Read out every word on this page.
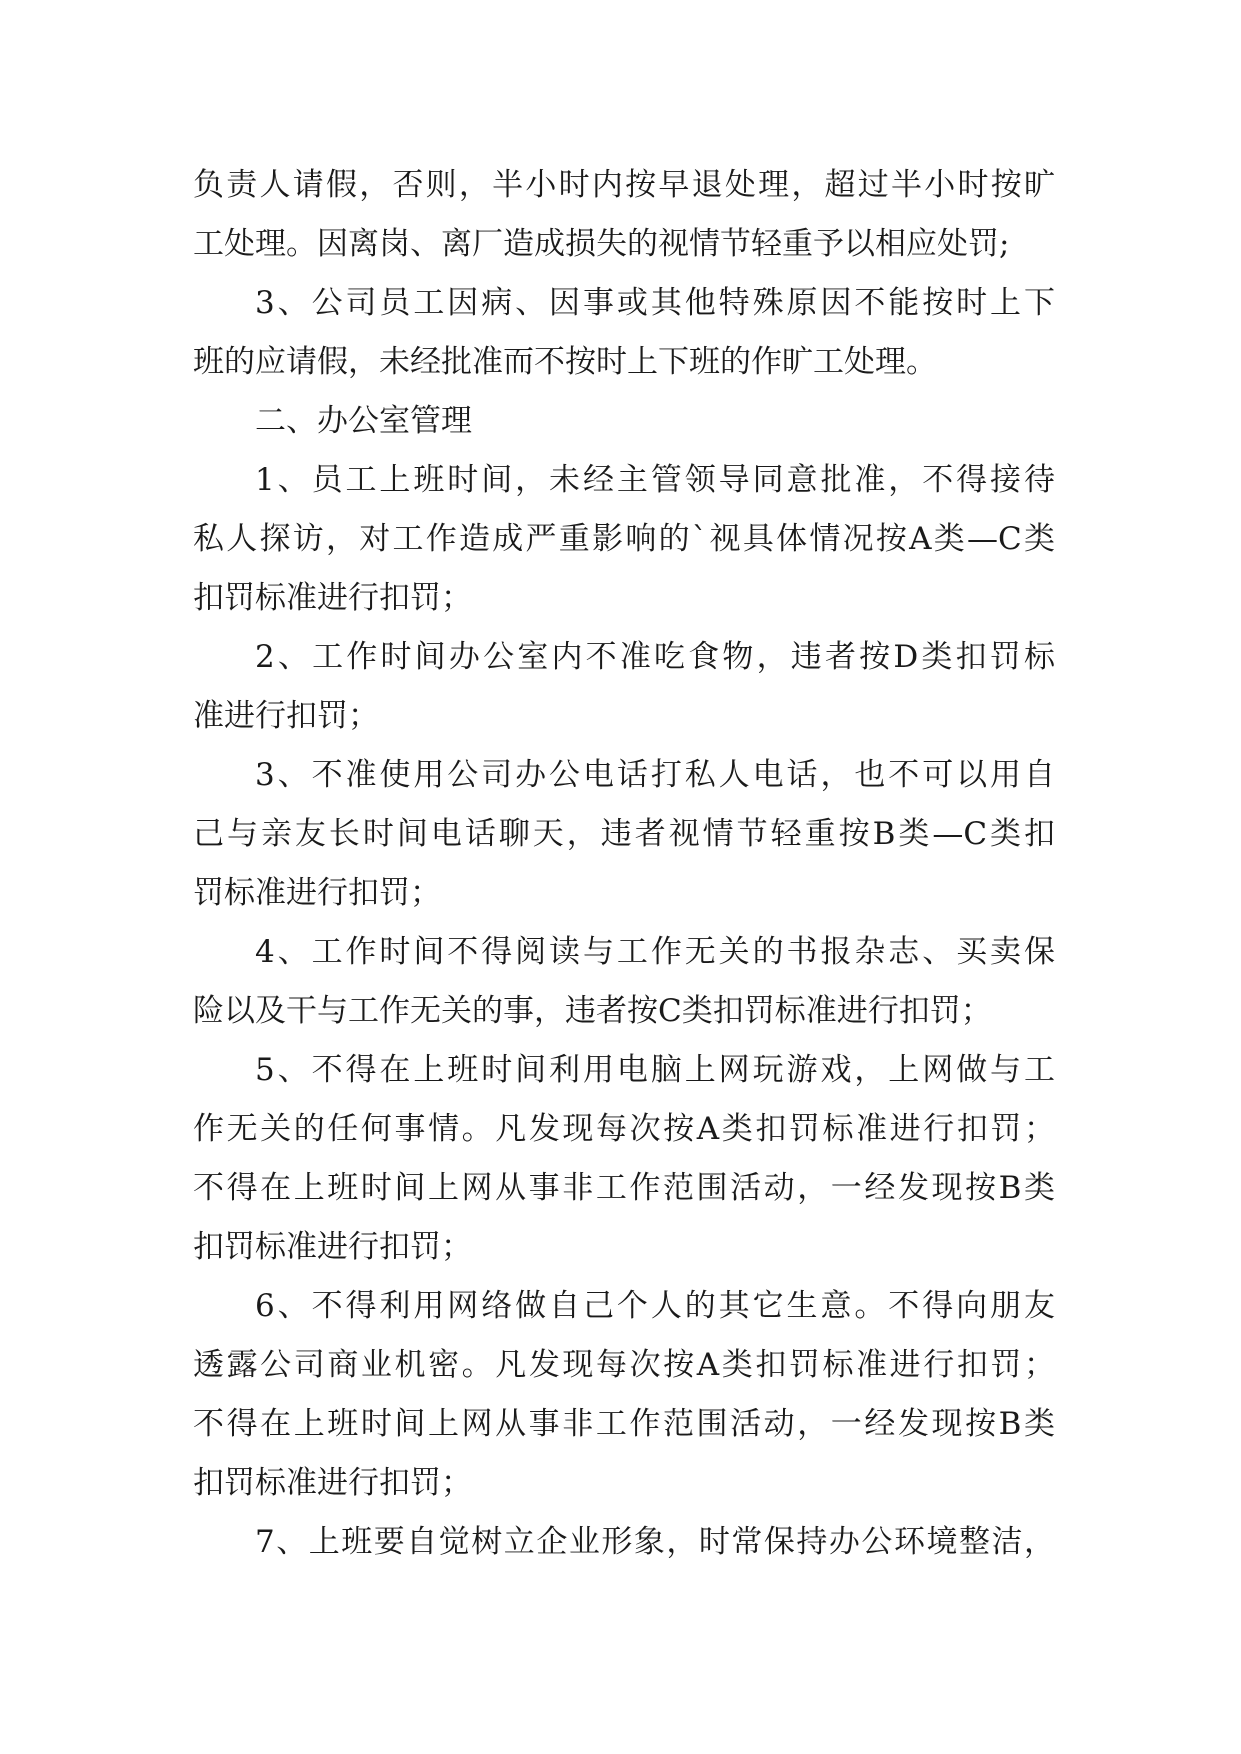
负责人请假，否则，半小时内按早退处理，超过半小时按旷
工处理。因离岗、离厂造成损失的视情节轻重予以相应处罚;
3、公司员工因病、因事或其他特殊原因不能按时上下
班的应请假，未经批准而不按时上下班的作旷工处理。
二、办公室管理
1、员工上班时间，未经主管领导同意批准，不得接待
私人探访，对工作造成严重影响的`视具体情况按A类—C类
扣罚标准进行扣罚；
2、工作时间办公室内不准吃食物，违者按D类扣罚标
准进行扣罚；
3、不准使用公司办公电话打私人电话，也不可以用自
己与亲友长时间电话聊天，违者视情节轻重按B类—C类扣
罚标准进行扣罚；
4、工作时间不得阅读与工作无关的书报杂志、买卖保
险以及干与工作无关的事，违者按C类扣罚标准进行扣罚；
5、不得在上班时间利用电脑上网玩游戏，上网做与工
作无关的任何事情。凡发现每次按A类扣罚标准进行扣罚；
不得在上班时间上网从事非工作范围活动，一经发现按B类
扣罚标准进行扣罚；
6、不得利用网络做自己个人的其它生意。不得向朋友
透露公司商业机密。凡发现每次按A类扣罚标准进行扣罚；
不得在上班时间上网从事非工作范围活动，一经发现按B类
扣罚标准进行扣罚；
7、上班要自觉树立企业形象，时常保持办公环境整洁，
